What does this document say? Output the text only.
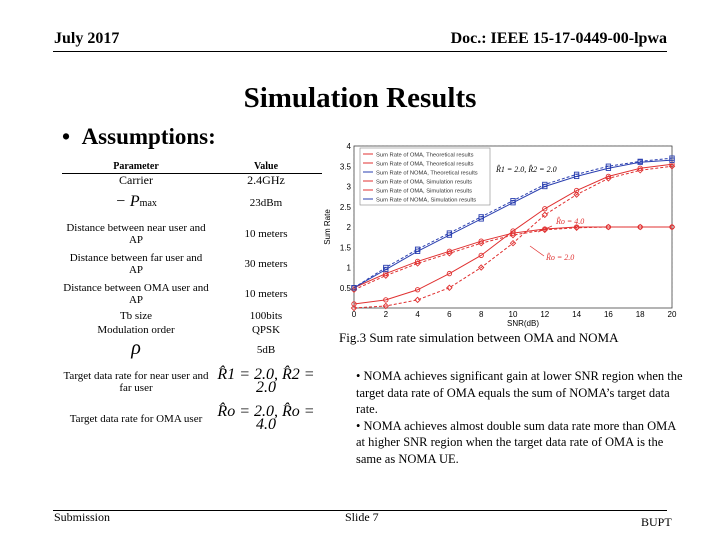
July 2017	Doc.: IEEE 15-17-0449-00-lpwa
Simulation Results
•  Assumptions:
Parameter	Value
Carrier	2.4GHz
− Pmax	23dBm
Distance between near user and AP	10 meters
Distance between far user and AP	30 meters
Distance between OMA user and AP	10 meters
Tb size	100bits
Modulation order	QPSK
ρ	5dB
Target data rate for near user and far user	R̂1 = 2.0, R̂2 = 2.0
Target data rate for OMA user	R̂o = 2.0, R̂o = 4.0
0	2	4	6	8	10	12	14	16	18	20
0.5
1
1.5
2
2.5
3
3.5
4
SNR(dB)
Sum Rate
Sum Rate of OMA, Theoretical results
Sum Rate of OMA, Theoretical results
Sum Rate of NOMA, Theoretical results
Sum Rate of OMA, Simulation results
Sum Rate of OMA, Simulation results
Sum Rate of NOMA, Simulation results
R̂1 = 2.0, R̂2 = 2.0
R̂o = 4.0
R̂o = 2.0
Fig.3 Sum rate simulation between OMA and NOMA

• NOMA achieves significant gain at lower SNR region when the target data rate of OMA equals the sum of NOMA’s target data rate.

• NOMA achieves almost double sum data rate more than OMA at higher SNR region when the target data rate of OMA is the same as NOMA UE.

Submission	Slide 7	BUPT
